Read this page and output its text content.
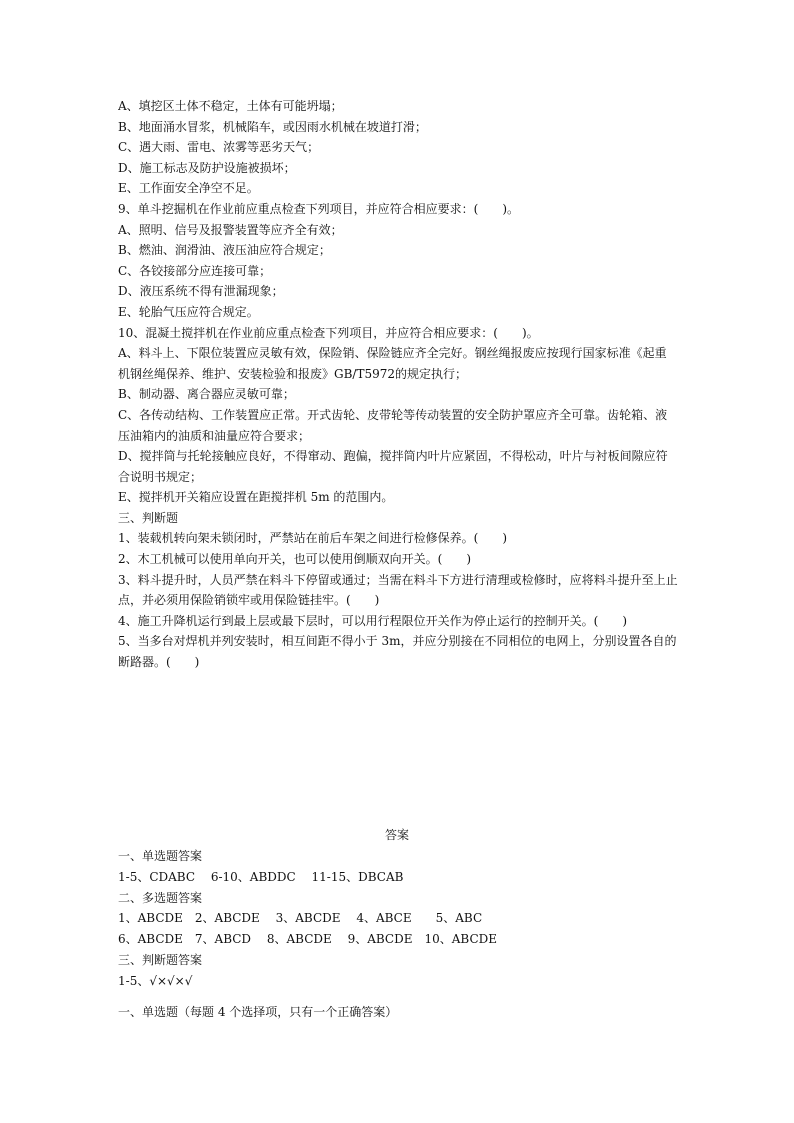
A、填挖区土体不稳定，土体有可能坍塌；
B、地面涌水冒浆，机械陷车，或因雨水机械在坡道打滑；
C、遇大雨、雷电、浓雾等恶劣天气；
D、施工标志及防护设施被损坏；
E、工作面安全净空不足。
9、单斗挖掘机在作业前应重点检查下列项目，并应符合相应要求：(　　)。
A、照明、信号及报警装置等应齐全有效；
B、燃油、润滑油、液压油应符合规定；
C、各铰接部分应连接可靠；
D、液压系统不得有泄漏现象；
E、轮胎气压应符合规定。
10、混凝土搅拌机在作业前应重点检查下列项目，并应符合相应要求：(　　)。
A、料斗上、下限位装置应灵敏有效，保险销、保险链应齐全完好。钢丝绳报废应按现行国家标准《起重
机钢丝绳保养、维护、安装检验和报废》GB/T5972的规定执行；
B、制动器、离合器应灵敏可靠；
C、各传动结构、工作装置应正常。开式齿轮、皮带轮等传动装置的安全防护罩应齐全可靠。齿轮箱、液
压油箱内的油质和油量应符合要求；
D、搅拌筒与托轮接触应良好，不得窜动、跑偏，搅拌筒内叶片应紧固，不得松动，叶片与衬板间隙应符
合说明书规定；
E、搅拌机开关箱应设置在距搅拌机 5m 的范围内。
三、判断题
1、装载机转向架未锁闭时，严禁站在前后车架之间进行检修保养。(　　)
2、木工机械可以使用单向开关，也可以使用倒顺双向开关。(　　)
3、料斗提升时，人员严禁在料斗下停留或通过；当需在料斗下方进行清理或检修时，应将料斗提升至上止
点，并必须用保险销锁牢或用保险链挂牢。(　　)
4、施工升降机运行到最上层或最下层时，可以用行程限位开关作为停止运行的控制开关。(　　)
5、当多台对焊机并列安装时，相互间距不得小于 3m，并应分别接在不同相位的电网上，分别设置各自的
断路器。(　　)
答案
一、单选题答案
1-5、CDABC　 6-10、ABDDC　 11-15、DBCAB
二、多选题答案
1、ABCDE　2、ABCDE　 3、ABCDE　 4、ABCE　　5、ABC
6、ABCDE　7、ABCD　 8、ABCDE　 9、ABCDE　10、ABCDE
三、判断题答案
1-5、√×√×√
一、单选题（每题 4 个选择项，只有一个正确答案）
